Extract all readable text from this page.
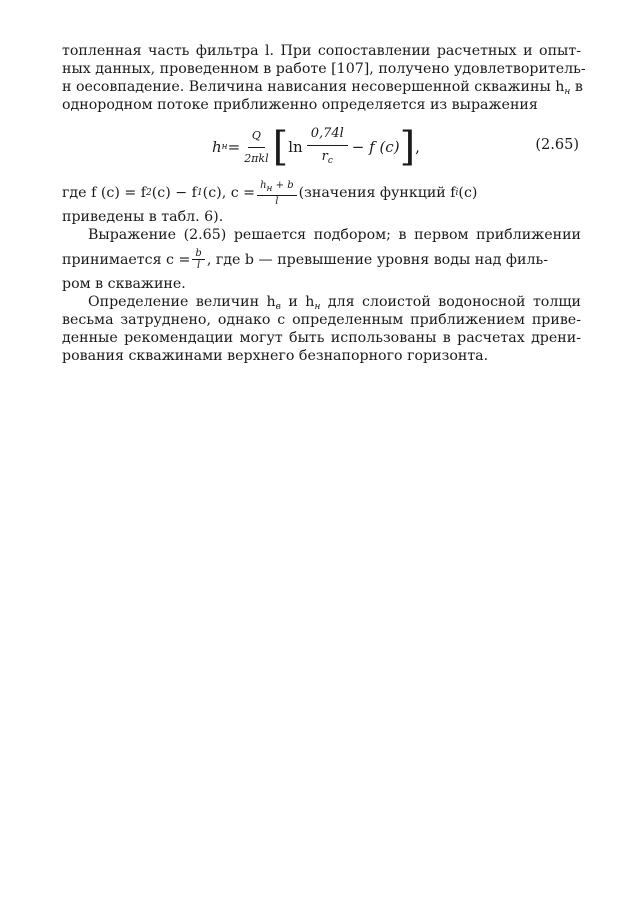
топленная часть фильтра l. При сопоставлении расчетных и опыт-
ных данных, проведенном в работе [107], получено удовлетворитель-
н оесовпадение. Величина нависания несовершенной скважины $h_н$ в
однородном потоке приближенно определяется из выражения
h $н = \frac{Q}{\text{2πkl}}$ [ $\ln \frac{0,74l}{r_с} - f$ (c) ] ,	(2.65)
где f (c) = f 2 (c) − f 1 (c), $c = \frac{hн + b}{l}$ (значения функций f i (c)
приведены в табл. 6).
Выражение (2.65) решается подбором; в первом приближении
принимается $c = \frac{b}{l}$ , где b — превышение уровня воды над филь-
ром в скважине.
Определение величин $h_в$ и $h_н$ для слоистой водоносной толщи
весьма затруднено, однако с определенным приближением приве-
денные рекомендации могут быть использованы в расчетах дрени-
рования скважинами верхнего безнапорного горизонта.
